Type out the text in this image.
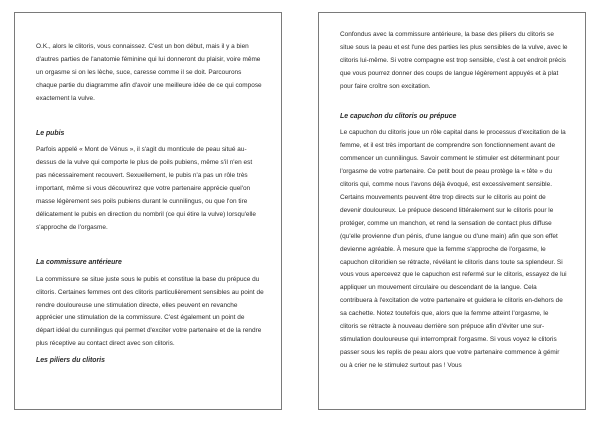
O.K., alors le clitoris, vous connaissez. C'est un bon début, mais il y a bien d'autres parties de l'anatomie féminine qui lui donneront du plaisir, voire même un orgasme si on les lèche, suce, caresse comme il se doit. Parcourons chaque partie du diagramme afin d'avoir une meilleure idée de ce qui compose exactement la vulve.

Le pubis

Parfois appelé « Mont de Vénus », il s'agit du monticule de peau situé au-dessus de la vulve qui comporte le plus de poils pubiens, même s'il n'en est pas nécessairement recouvert. Sexuellement, le pubis n'a pas un rôle très important, même si vous découvrirez que votre partenaire apprécie quel'on masse légèrement ses poils pubiens durant le cunnilingus, ou que l'on tire délicatement le pubis en direction du nombril (ce qui étire la vulve) lorsqu'elle s'approche de l'orgasme.

La commissure antérieure

La commissure se situe juste sous le pubis et constitue la base du prépuce du clitoris. Certaines femmes ont des clitoris particulièrement sensibles au point de rendre douloureuse une stimulation directe, elles peuvent en revanche apprécier une stimulation de la commissure. C'est également un point de départ idéal du cunnilingus qui permet d'exciter votre partenaire et de la rendre plus réceptive au contact direct avec son clitoris.

Les piliers du clitoris

Confondus avec la commissure antérieure, la base des piliers du clitoris se situe sous la peau et est l'une des parties les plus sensibles de la vulve, avec le clitoris lui-même. Si votre compagne est trop sensible, c'est à cet endroit précis que vous pourrez donner des coups de langue légèrement appuyés et à plat pour faire croître son excitation.

Le capuchon du clitoris ou prépuce

Le capuchon du clitoris joue un rôle capital dans le processus d'excitation de la femme, et il est très important de comprendre son fonctionnement avant de commencer un cunnilingus. Savoir comment le stimuler est déterminant pour l'orgasme de votre partenaire. Ce petit bout de peau protège la « tête » du clitoris qui, comme nous l'avons déjà évoqué, est excessivement sensible. Certains mouvements peuvent être trop directs sur le clitoris au point de devenir douloureux. Le prépuce descend littéralement sur le clitoris pour le protéger, comme un manchon, et rend la sensation de contact plus diffuse (qu'elle provienne d'un pénis, d'une langue ou d'une main) afin que son effet devienne agréable. À mesure que la femme s'approche de l'orgasme, le capuchon clitoridien se rétracte, révélant le clitoris dans toute sa splendeur. Si vous vous apercevez que le capuchon est refermé sur le clitoris, essayez de lui appliquer un mouvement circulaire ou descendant de la langue. Cela contribuera à l'excitation de votre partenaire et guidera le clitoris en-dehors de sa cachette. Notez toutefois que, alors que la femme atteint l'orgasme, le clitoris se rétracte à nouveau derrière son prépuce afin d'éviter une sur-stimulation douloureuse qui interromprait l'orgasme. Si vous voyez le clitoris passer sous les replis de peau alors que votre partenaire commence à gémir ou à crier ne le stimulez surtout pas ! Vous
